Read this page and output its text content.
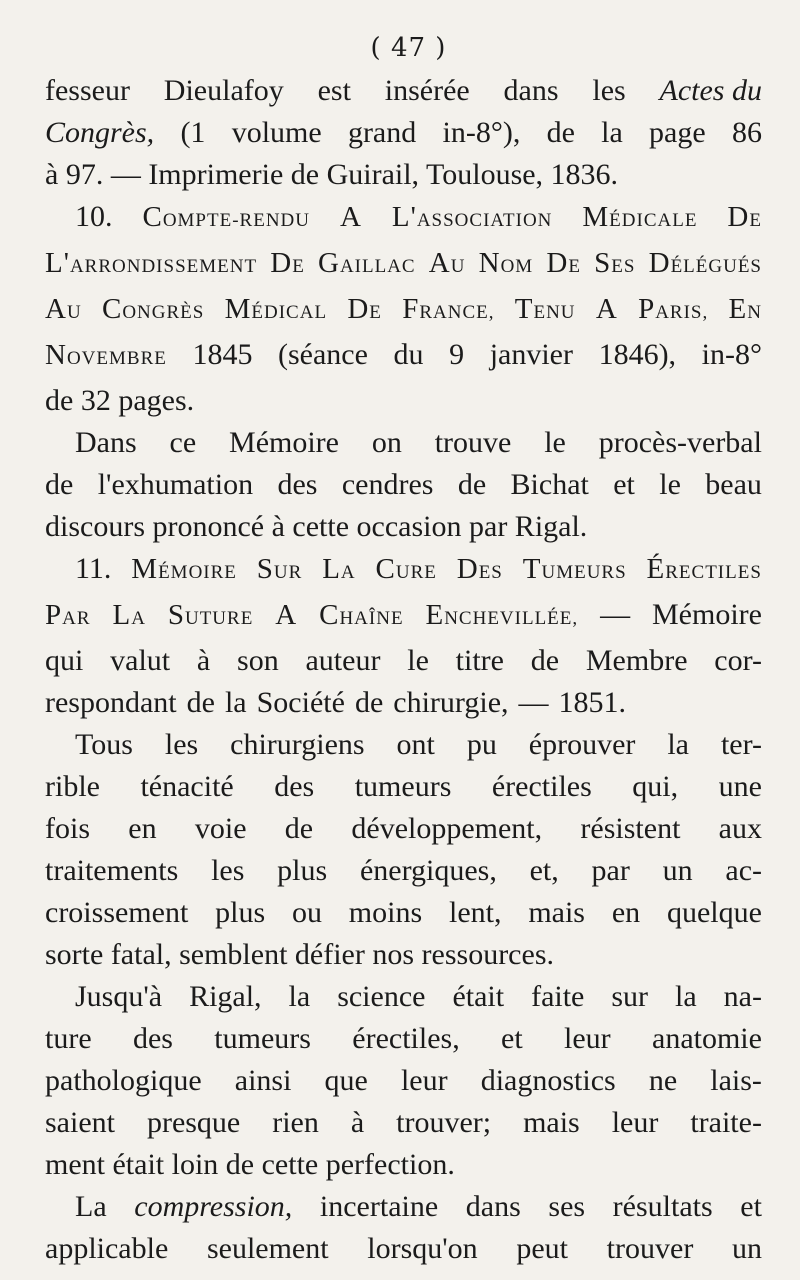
( 47 )
fesseur Dieulafoy est insérée dans les Actes du
Congrès, (1 volume grand in-8°), de la page 86
à 97. — Imprimerie de Guirail, Toulouse, 1836.
10. COMPTE-RENDU A L'ASSOCIATION MÉDICALE DE
L'ARRONDISSEMENT DE GAILLAC AU NOM DE SES DÉLÉGUÉS
AU CONGRÈS MÉDICAL DE FRANCE, TENU A PARIS, EN
NOVEMBRE 1845 (séance du 9 janvier 1846), in-8°
de 32 pages.
Dans ce Mémoire on trouve le procès-verbal
de l'exhumation des cendres de Bichat et le beau
discours prononcé à cette occasion par Rigal.
11. MÉMOIRE SUR LA CURE DES TUMEURS ÉRECTILES
PAR LA SUTURE A CHAÎNE ENCHEVILLÉE, — Mémoire
qui valut à son auteur le titre de Membre cor-
respondant de la Société de chirurgie, — 1851.
Tous les chirurgiens ont pu éprouver la ter-
rible ténacité des tumeurs érectiles qui, une
fois en voie de développement, résistent aux
traitements les plus énergiques, et, par un ac-
croissement plus ou moins lent, mais en quelque
sorte fatal, semblent défier nos ressources.
Jusqu'à Rigal, la science était faite sur la na-
ture des tumeurs érectiles, et leur anatomie
pathologique ainsi que leur diagnostics ne lais-
saient presque rien à trouver; mais leur traite-
ment était loin de cette perfection.
La compression, incertaine dans ses résultats et
applicable seulement lorsqu'on peut trouver un
